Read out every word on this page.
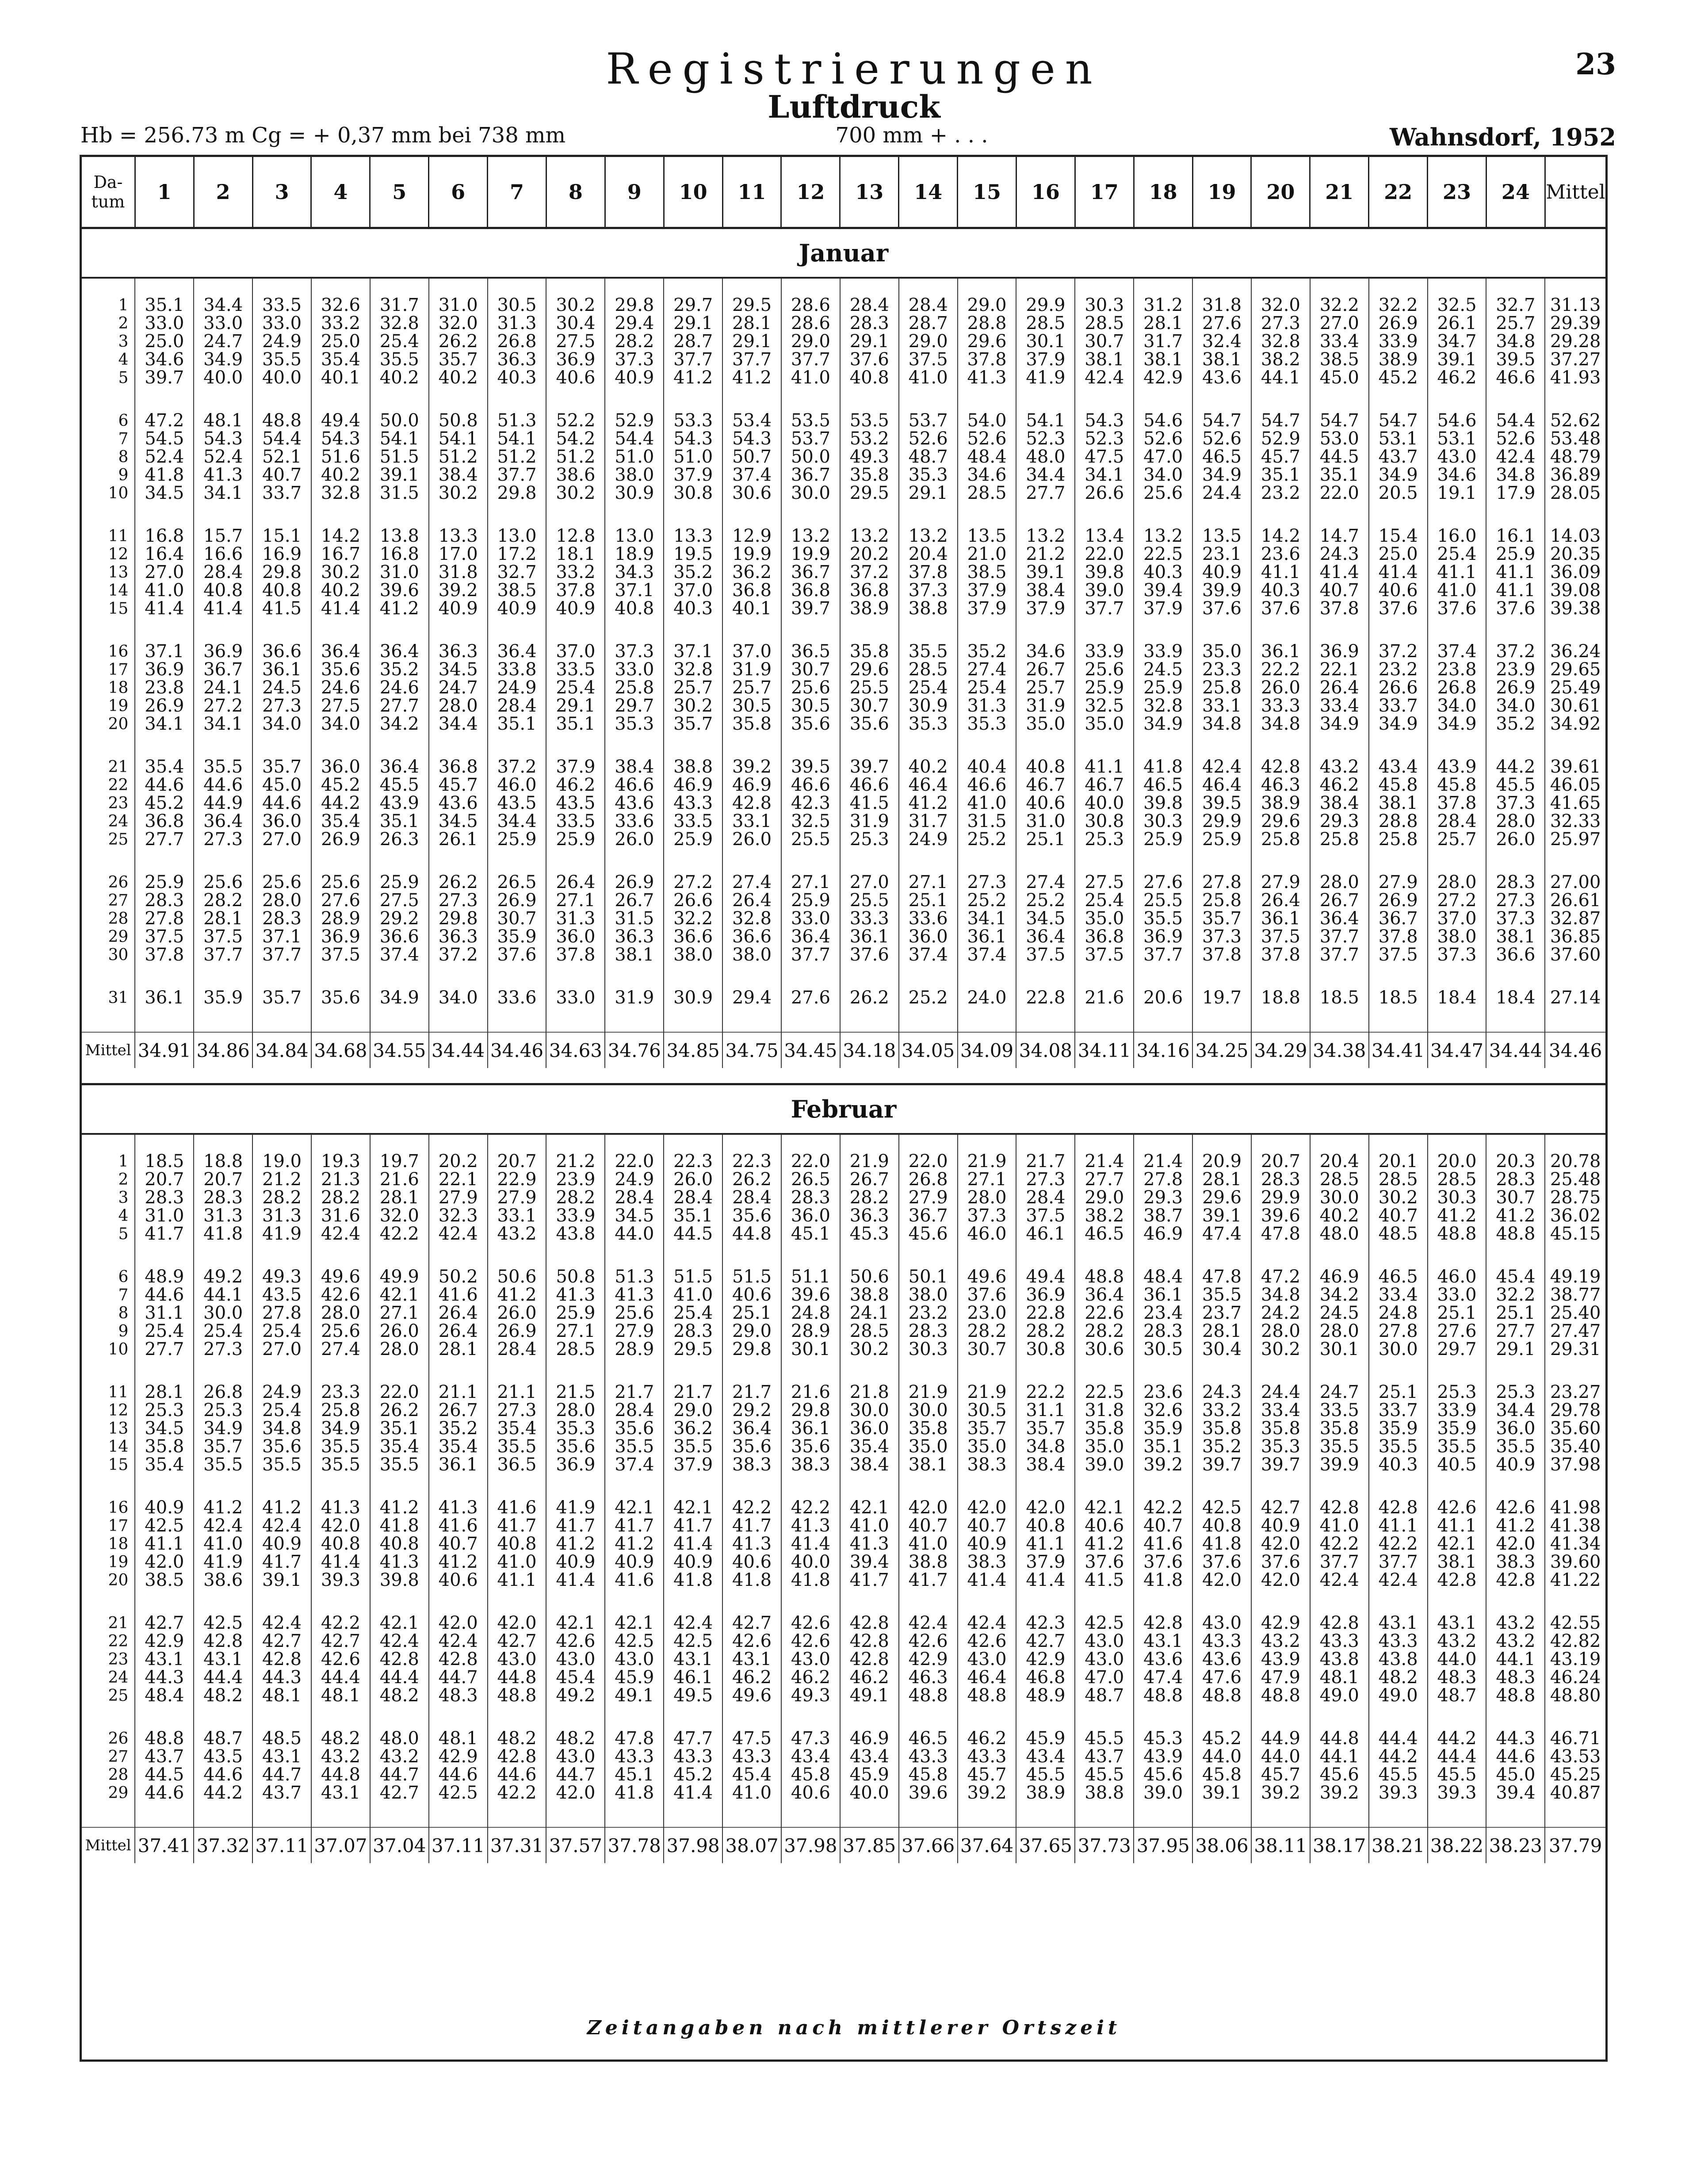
Registrierungen	23
Luftdruck
Hb = 256.73 m Cg = + 0,37 mm bei 738 mm	700 mm + . . .	Wahnsdorf, 1952
Da-
tum	1	2	3	4	5	6	7	8	9	10	11	12	13	14	15	16	17	18	19	20	21	22	23	24	Mittel
Januar																									

1	35.1	34.4	33.5	32.6	31.7	31.0	30.5	30.2	29.8	29.7	29.5	28.6	28.4	28.4	29.0	29.9	30.3	31.2	31.8	32.0	32.2	32.2	32.5	32.7	31.13
2	33.0	33.0	33.0	33.2	32.8	32.0	31.3	30.4	29.4	29.1	28.1	28.6	28.3	28.7	28.8	28.5	28.5	28.1	27.6	27.3	27.0	26.9	26.1	25.7	29.39
3	25.0	24.7	24.9	25.0	25.4	26.2	26.8	27.5	28.2	28.7	29.1	29.0	29.1	29.0	29.6	30.1	30.7	31.7	32.4	32.8	33.4	33.9	34.7	34.8	29.28
4	34.6	34.9	35.5	35.4	35.5	35.7	36.3	36.9	37.3	37.7	37.7	37.7	37.6	37.5	37.8	37.9	38.1	38.1	38.1	38.2	38.5	38.9	39.1	39.5	37.27
5	39.7	40.0	40.0	40.1	40.2	40.2	40.3	40.6	40.9	41.2	41.2	41.0	40.8	41.0	41.3	41.9	42.4	42.9	43.6	44.1	45.0	45.2	46.2	46.6	41.93

6	47.2	48.1	48.8	49.4	50.0	50.8	51.3	52.2	52.9	53.3	53.4	53.5	53.5	53.7	54.0	54.1	54.3	54.6	54.7	54.7	54.7	54.7	54.6	54.4	52.62
7	54.5	54.3	54.4	54.3	54.1	54.1	54.1	54.2	54.4	54.3	54.3	53.7	53.2	52.6	52.6	52.3	52.3	52.6	52.6	52.9	53.0	53.1	53.1	52.6	53.48
8	52.4	52.4	52.1	51.6	51.5	51.2	51.2	51.2	51.0	51.0	50.7	50.0	49.3	48.7	48.4	48.0	47.5	47.0	46.5	45.7	44.5	43.7	43.0	42.4	48.79
9	41.8	41.3	40.7	40.2	39.1	38.4	37.7	38.6	38.0	37.9	37.4	36.7	35.8	35.3	34.6	34.4	34.1	34.0	34.9	35.1	35.1	34.9	34.6	34.8	36.89
10	34.5	34.1	33.7	32.8	31.5	30.2	29.8	30.2	30.9	30.8	30.6	30.0	29.5	29.1	28.5	27.7	26.6	25.6	24.4	23.2	22.0	20.5	19.1	17.9	28.05

11	16.8	15.7	15.1	14.2	13.8	13.3	13.0	12.8	13.0	13.3	12.9	13.2	13.2	13.2	13.5	13.2	13.4	13.2	13.5	14.2	14.7	15.4	16.0	16.1	14.03
12	16.4	16.6	16.9	16.7	16.8	17.0	17.2	18.1	18.9	19.5	19.9	19.9	20.2	20.4	21.0	21.2	22.0	22.5	23.1	23.6	24.3	25.0	25.4	25.9	20.35
13	27.0	28.4	29.8	30.2	31.0	31.8	32.7	33.2	34.3	35.2	36.2	36.7	37.2	37.8	38.5	39.1	39.8	40.3	40.9	41.1	41.4	41.4	41.1	41.1	36.09
14	41.0	40.8	40.8	40.2	39.6	39.2	38.5	37.8	37.1	37.0	36.8	36.8	36.8	37.3	37.9	38.4	39.0	39.4	39.9	40.3	40.7	40.6	41.0	41.1	39.08
15	41.4	41.4	41.5	41.4	41.2	40.9	40.9	40.9	40.8	40.3	40.1	39.7	38.9	38.8	37.9	37.9	37.7	37.9	37.6	37.6	37.8	37.6	37.6	37.6	39.38

16	37.1	36.9	36.6	36.4	36.4	36.3	36.4	37.0	37.3	37.1	37.0	36.5	35.8	35.5	35.2	34.6	33.9	33.9	35.0	36.1	36.9	37.2	37.4	37.2	36.24
17	36.9	36.7	36.1	35.6	35.2	34.5	33.8	33.5	33.0	32.8	31.9	30.7	29.6	28.5	27.4	26.7	25.6	24.5	23.3	22.2	22.1	23.2	23.8	23.9	29.65
18	23.8	24.1	24.5	24.6	24.6	24.7	24.9	25.4	25.8	25.7	25.7	25.6	25.5	25.4	25.4	25.7	25.9	25.9	25.8	26.0	26.4	26.6	26.8	26.9	25.49
19	26.9	27.2	27.3	27.5	27.7	28.0	28.4	29.1	29.7	30.2	30.5	30.5	30.7	30.9	31.3	31.9	32.5	32.8	33.1	33.3	33.4	33.7	34.0	34.0	30.61
20	34.1	34.1	34.0	34.0	34.2	34.4	35.1	35.1	35.3	35.7	35.8	35.6	35.6	35.3	35.3	35.0	35.0	34.9	34.8	34.8	34.9	34.9	34.9	35.2	34.92

21	35.4	35.5	35.7	36.0	36.4	36.8	37.2	37.9	38.4	38.8	39.2	39.5	39.7	40.2	40.4	40.8	41.1	41.8	42.4	42.8	43.2	43.4	43.9	44.2	39.61
22	44.6	44.6	45.0	45.2	45.5	45.7	46.0	46.2	46.6	46.9	46.9	46.6	46.6	46.4	46.6	46.7	46.7	46.5	46.4	46.3	46.2	45.8	45.8	45.5	46.05
23	45.2	44.9	44.6	44.2	43.9	43.6	43.5	43.5	43.6	43.3	42.8	42.3	41.5	41.2	41.0	40.6	40.0	39.8	39.5	38.9	38.4	38.1	37.8	37.3	41.65
24	36.8	36.4	36.0	35.4	35.1	34.5	34.4	33.5	33.6	33.5	33.1	32.5	31.9	31.7	31.5	31.0	30.8	30.3	29.9	29.6	29.3	28.8	28.4	28.0	32.33
25	27.7	27.3	27.0	26.9	26.3	26.1	25.9	25.9	26.0	25.9	26.0	25.5	25.3	24.9	25.2	25.1	25.3	25.9	25.9	25.8	25.8	25.8	25.7	26.0	25.97

26	25.9	25.6	25.6	25.6	25.9	26.2	26.5	26.4	26.9	27.2	27.4	27.1	27.0	27.1	27.3	27.4	27.5	27.6	27.8	27.9	28.0	27.9	28.0	28.3	27.00
27	28.3	28.2	28.0	27.6	27.5	27.3	26.9	27.1	26.7	26.6	26.4	25.9	25.5	25.1	25.2	25.2	25.4	25.5	25.8	26.4	26.7	26.9	27.2	27.3	26.61
28	27.8	28.1	28.3	28.9	29.2	29.8	30.7	31.3	31.5	32.2	32.8	33.0	33.3	33.6	34.1	34.5	35.0	35.5	35.7	36.1	36.4	36.7	37.0	37.3	32.87
29	37.5	37.5	37.1	36.9	36.6	36.3	35.9	36.0	36.3	36.6	36.6	36.4	36.1	36.0	36.1	36.4	36.8	36.9	37.3	37.5	37.7	37.8	38.0	38.1	36.85
30	37.8	37.7	37.7	37.5	37.4	37.2	37.6	37.8	38.1	38.0	38.0	37.7	37.6	37.4	37.4	37.5	37.5	37.7	37.8	37.8	37.7	37.5	37.3	36.6	37.60

31	36.1	35.9	35.7	35.6	34.9	34.0	33.6	33.0	31.9	30.9	29.4	27.6	26.2	25.2	24.0	22.8	21.6	20.6	19.7	18.8	18.5	18.5	18.4	18.4	27.14

Mittel	34.91	34.86	34.84	34.68	34.55	34.44	34.46	34.63	34.76	34.85	34.75	34.45	34.18	34.05	34.09	34.08	34.11	34.16	34.25	34.29	34.38	34.41	34.47	34.44	34.46

Februar																									

1	18.5	18.8	19.0	19.3	19.7	20.2	20.7	21.2	22.0	22.3	22.3	22.0	21.9	22.0	21.9	21.7	21.4	21.4	20.9	20.7	20.4	20.1	20.0	20.3	20.78
2	20.7	20.7	21.2	21.3	21.6	22.1	22.9	23.9	24.9	26.0	26.2	26.5	26.7	26.8	27.1	27.3	27.7	27.8	28.1	28.3	28.5	28.5	28.5	28.3	25.48
3	28.3	28.3	28.2	28.2	28.1	27.9	27.9	28.2	28.4	28.4	28.4	28.3	28.2	27.9	28.0	28.4	29.0	29.3	29.6	29.9	30.0	30.2	30.3	30.7	28.75
4	31.0	31.3	31.3	31.6	32.0	32.3	33.1	33.9	34.5	35.1	35.6	36.0	36.3	36.7	37.3	37.5	38.2	38.7	39.1	39.6	40.2	40.7	41.2	41.2	36.02
5	41.7	41.8	41.9	42.4	42.2	42.4	43.2	43.8	44.0	44.5	44.8	45.1	45.3	45.6	46.0	46.1	46.5	46.9	47.4	47.8	48.0	48.5	48.8	48.8	45.15

6	48.9	49.2	49.3	49.6	49.9	50.2	50.6	50.8	51.3	51.5	51.5	51.1	50.6	50.1	49.6	49.4	48.8	48.4	47.8	47.2	46.9	46.5	46.0	45.4	49.19
7	44.6	44.1	43.5	42.6	42.1	41.6	41.2	41.3	41.3	41.0	40.6	39.6	38.8	38.0	37.6	36.9	36.4	36.1	35.5	34.8	34.2	33.4	33.0	32.2	38.77
8	31.1	30.0	27.8	28.0	27.1	26.4	26.0	25.9	25.6	25.4	25.1	24.8	24.1	23.2	23.0	22.8	22.6	23.4	23.7	24.2	24.5	24.8	25.1	25.1	25.40
9	25.4	25.4	25.4	25.6	26.0	26.4	26.9	27.1	27.9	28.3	29.0	28.9	28.5	28.3	28.2	28.2	28.2	28.3	28.1	28.0	28.0	27.8	27.6	27.7	27.47
10	27.7	27.3	27.0	27.4	28.0	28.1	28.4	28.5	28.9	29.5	29.8	30.1	30.2	30.3	30.7	30.8	30.6	30.5	30.4	30.2	30.1	30.0	29.7	29.1	29.31

11	28.1	26.8	24.9	23.3	22.0	21.1	21.1	21.5	21.7	21.7	21.7	21.6	21.8	21.9	21.9	22.2	22.5	23.6	24.3	24.4	24.7	25.1	25.3	25.3	23.27
12	25.3	25.3	25.4	25.8	26.2	26.7	27.3	28.0	28.4	29.0	29.2	29.8	30.0	30.0	30.5	31.1	31.8	32.6	33.2	33.4	33.5	33.7	33.9	34.4	29.78
13	34.5	34.9	34.8	34.9	35.1	35.2	35.4	35.3	35.6	36.2	36.4	36.1	36.0	35.8	35.7	35.7	35.8	35.9	35.8	35.8	35.8	35.9	35.9	36.0	35.60
14	35.8	35.7	35.6	35.5	35.4	35.4	35.5	35.6	35.5	35.5	35.6	35.6	35.4	35.0	35.0	34.8	35.0	35.1	35.2	35.3	35.5	35.5	35.5	35.5	35.40
15	35.4	35.5	35.5	35.5	35.5	36.1	36.5	36.9	37.4	37.9	38.3	38.3	38.4	38.1	38.3	38.4	39.0	39.2	39.7	39.7	39.9	40.3	40.5	40.9	37.98

16	40.9	41.2	41.2	41.3	41.2	41.3	41.6	41.9	42.1	42.1	42.2	42.2	42.1	42.0	42.0	42.0	42.1	42.2	42.5	42.7	42.8	42.8	42.6	42.6	41.98
17	42.5	42.4	42.4	42.0	41.8	41.6	41.7	41.7	41.7	41.7	41.7	41.3	41.0	40.7	40.7	40.8	40.6	40.7	40.8	40.9	41.0	41.1	41.1	41.2	41.38
18	41.1	41.0	40.9	40.8	40.8	40.7	40.8	41.2	41.2	41.4	41.3	41.4	41.3	41.0	40.9	41.1	41.2	41.6	41.8	42.0	42.2	42.2	42.1	42.0	41.34
19	42.0	41.9	41.7	41.4	41.3	41.2	41.0	40.9	40.9	40.9	40.6	40.0	39.4	38.8	38.3	37.9	37.6	37.6	37.6	37.6	37.7	37.7	38.1	38.3	39.60
20	38.5	38.6	39.1	39.3	39.8	40.6	41.1	41.4	41.6	41.8	41.8	41.8	41.7	41.7	41.4	41.4	41.5	41.8	42.0	42.0	42.4	42.4	42.8	42.8	41.22

21	42.7	42.5	42.4	42.2	42.1	42.0	42.0	42.1	42.1	42.4	42.7	42.6	42.8	42.4	42.4	42.3	42.5	42.8	43.0	42.9	42.8	43.1	43.1	43.2	42.55
22	42.9	42.8	42.7	42.7	42.4	42.4	42.7	42.6	42.5	42.5	42.6	42.6	42.8	42.6	42.6	42.7	43.0	43.1	43.3	43.2	43.3	43.3	43.2	43.2	42.82
23	43.1	43.1	42.8	42.6	42.8	42.8	43.0	43.0	43.0	43.1	43.1	43.0	42.8	42.9	43.0	42.9	43.0	43.6	43.6	43.9	43.8	43.8	44.0	44.1	43.19
24	44.3	44.4	44.3	44.4	44.4	44.7	44.8	45.4	45.9	46.1	46.2	46.2	46.2	46.3	46.4	46.8	47.0	47.4	47.6	47.9	48.1	48.2	48.3	48.3	46.24
25	48.4	48.2	48.1	48.1	48.2	48.3	48.8	49.2	49.1	49.5	49.6	49.3	49.1	48.8	48.8	48.9	48.7	48.8	48.8	48.8	49.0	49.0	48.7	48.8	48.80

26	48.8	48.7	48.5	48.2	48.0	48.1	48.2	48.2	47.8	47.7	47.5	47.3	46.9	46.5	46.2	45.9	45.5	45.3	45.2	44.9	44.8	44.4	44.2	44.3	46.71
27	43.7	43.5	43.1	43.2	43.2	42.9	42.8	43.0	43.3	43.3	43.3	43.4	43.4	43.3	43.3	43.4	43.7	43.9	44.0	44.0	44.1	44.2	44.4	44.6	43.53
28	44.5	44.6	44.7	44.8	44.7	44.6	44.6	44.7	45.1	45.2	45.4	45.8	45.9	45.8	45.7	45.5	45.5	45.6	45.8	45.7	45.6	45.5	45.5	45.0	45.25
29	44.6	44.2	43.7	43.1	42.7	42.5	42.2	42.0	41.8	41.4	41.0	40.6	40.0	39.6	39.2	38.9	38.8	39.0	39.1	39.2	39.2	39.3	39.3	39.4	40.87

Mittel	37.41	37.32	37.11	37.07	37.04	37.11	37.31	37.57	37.78	37.98	38.07	37.98	37.85	37.66	37.64	37.65	37.73	37.95	38.06	38.11	38.17	38.21	38.22	38.23	37.79
Zeitangaben nach mittlerer Ortszeit
